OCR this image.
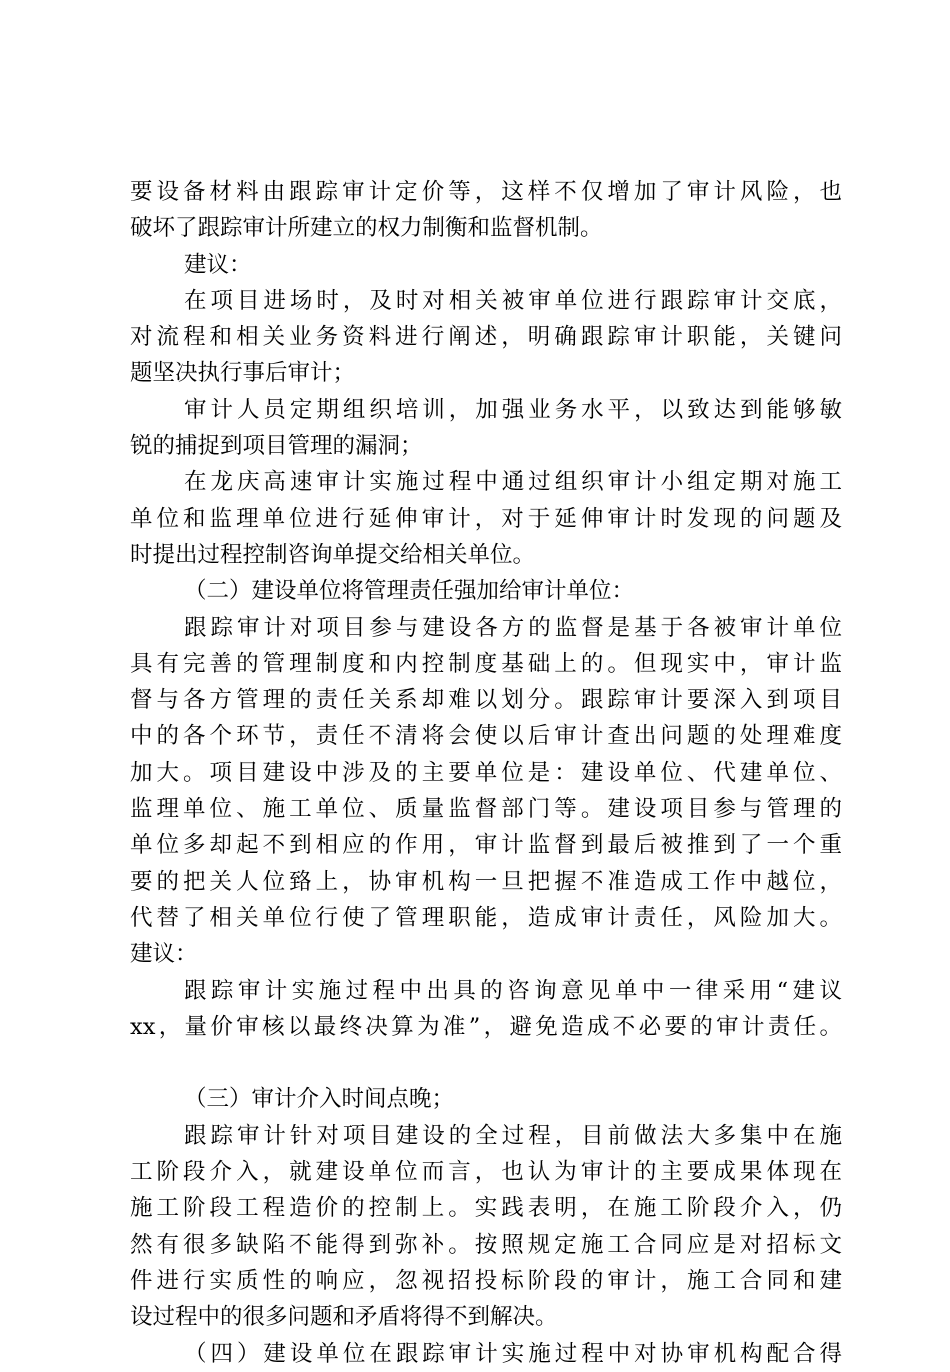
要设备材料由跟踪审计定价等，这样不仅增加了审计风险，也
破坏了跟踪审计所建立的权力制衡和监督机制。
建议：
在项目进场时，及时对相关被审单位进行跟踪审计交底，
对流程和相关业务资料进行阐述，明确跟踪审计职能，关键问
题坚决执行事后审计；
审计人员定期组织培训，加强业务水平，以致达到能够敏
锐的捕捉到项目管理的漏洞；
在龙庆高速审计实施过程中通过组织审计小组定期对施工
单位和监理单位进行延伸审计，对于延伸审计时发现的问题及
时提出过程控制咨询单提交给相关单位。
（二）建设单位将管理责任强加给审计单位：
跟踪审计对项目参与建设各方的监督是基于各被审计单位
具有完善的管理制度和内控制度基础上的。但现实中，审计监
督与各方管理的责任关系却难以划分。跟踪审计要深入到项目
中的各个环节，责任不清将会使以后审计查出问题的处理难度
加大。项目建设中涉及的主要单位是：建设单位、代建单位、
监理单位、施工单位、质量监督部门等。建设项目参与管理的
单位多却起不到相应的作用，审计监督到最后被推到了一个重
要的把关人位臵上，协审机构一旦把握不准造成工作中越位，
代替了相关单位行使了管理职能，造成审计责任，风险加大。
建议：
跟踪审计实施过程中出具的咨询意见单中一律采用“建议
xx，量价审核以最终决算为准”，避免造成不必要的审计责任。
（三）审计介入时间点晚；
跟踪审计针对项目建设的全过程，目前做法大多集中在施
工阶段介入，就建设单位而言，也认为审计的主要成果体现在
施工阶段工程造价的控制上。实践表明，在施工阶段介入，仍
然有很多缺陷不能得到弥补。按照规定施工合同应是对招标文
件进行实质性的响应，忽视招投标阶段的审计，施工合同和建
设过程中的很多问题和矛盾将得不到解决。
（四）建设单位在跟踪审计实施过程中对协审机构配合得
